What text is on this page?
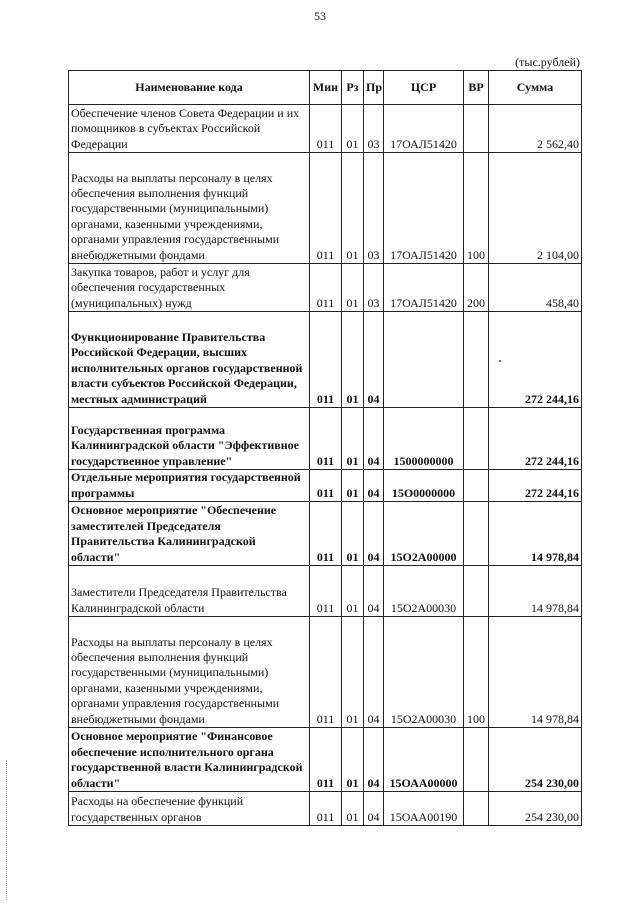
53
(тыс.рублей)
Наименование кода	Мин	Рз	Пр	ЦСР	ВР	Сумма
Обеспечение членов Совета Федерации и их помощников в субъектах Российской Федерации	011	01	03	17ОАЛ51420		2 562,40
Расходы на выплаты персоналу в целях обеспечения выполнения функций государственными (муниципальными) органами, казенными учреждениями, органами управления государственными внебюджетными фондами	011	01	03	17ОАЛ51420	100	2 104,00
Закупка товаров, работ и услуг для обеспечения государственных (муниципальных) нужд	011	01	03	17ОАЛ51420	200	458,40
Функционирование Правительства Российской Федерации, высших исполнительных органов государственной власти субъектов Российской Федерации, местных администраций	011	01	04			272 244,16
Государственная программа Калининградской области "Эффективное государственное управление"	011	01	04	1500000000		272 244,16
Отдельные мероприятия государственной программы	011	01	04	15О0000000		272 244,16
Основное мероприятие "Обеспечение заместителей Председателя Правительства Калининградской области"	011	01	04	15О2А00000		14 978,84
Заместители Председателя Правительства Калининградской области	011	01	04	15О2А00030		14 978,84
Расходы на выплаты персоналу в целях обеспечения выполнения функций государственными (муниципальными) органами, казенными учреждениями, органами управления государственными внебюджетными фондами	011	01	04	15О2А00030	100	14 978,84
Основное мероприятие "Финансовое обеспечение исполнительного органа государственной власти Калининградской области"	011	01	04	15ОАА00000		254 230,00
Расходы на обеспечение функций государственных органов	011	01	04	15ОАА00190		254 230,00
